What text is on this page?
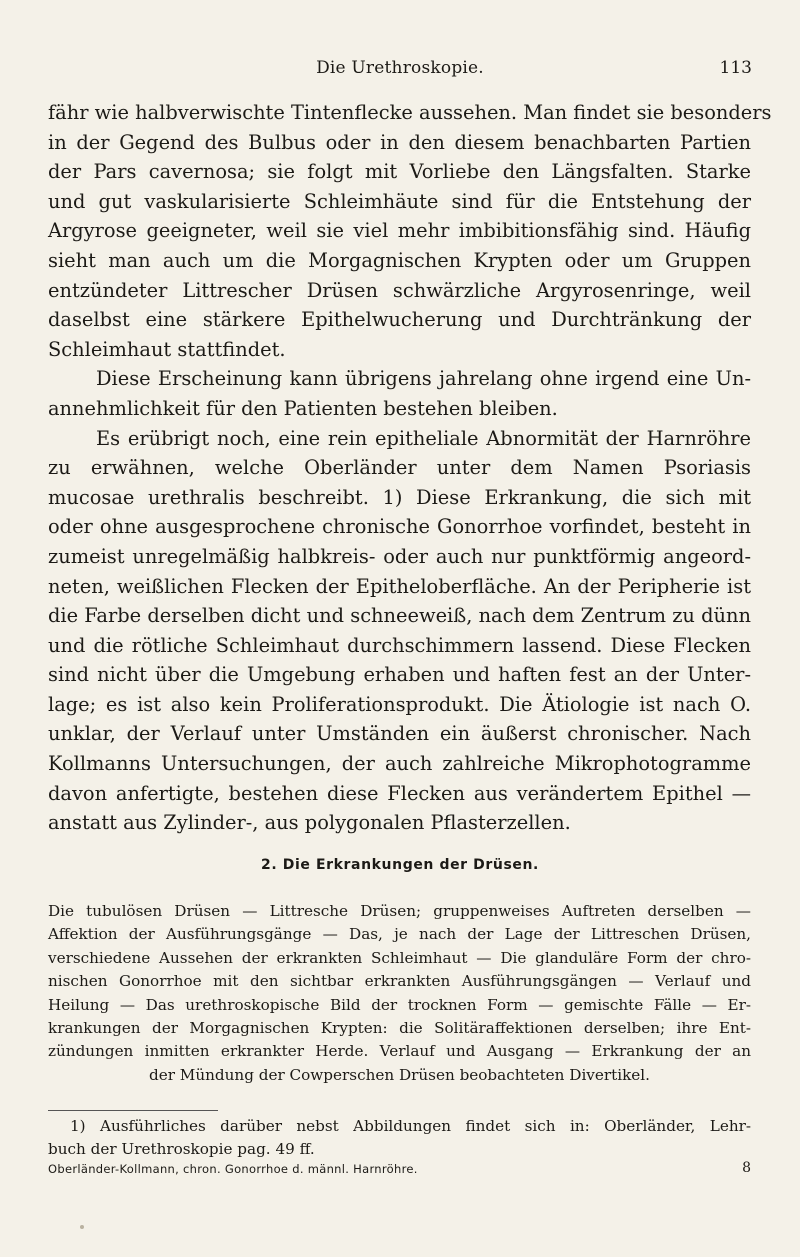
Die Urethroskopie.	113
fähr wie halbverwischte Tintenflecke aussehen. Man findet sie besonders
in der Gegend des Bulbus oder in den diesem benachbarten Partien
der Pars cavernosa; sie folgt mit Vorliebe den Längsfalten. Starke
und gut vaskularisierte Schleimhäute sind für die Entstehung der
Argyrose geeigneter, weil sie viel mehr imbibitionsfähig sind. Häufig
sieht man auch um die Morgagnischen Krypten oder um Gruppen
entzündeter Littrescher Drüsen schwärzliche Argyrosenringe, weil
daselbst eine stärkere Epithelwucherung und Durchtränkung der
Schleimhaut stattfindet.
Diese Erscheinung kann übrigens jahrelang ohne irgend eine Un-
annehmlichkeit für den Patienten bestehen bleiben.
Es erübrigt noch, eine rein epitheliale Abnormität der Harnröhre
zu erwähnen, welche Oberländer unter dem Namen Psoriasis
mucosae urethralis beschreibt. 1) Diese Erkrankung, die sich mit
oder ohne ausgesprochene chronische Gonorrhoe vorfindet, besteht in
zumeist unregelmäßig halbkreis- oder auch nur punktförmig angeord-
neten, weißlichen Flecken der Epitheloberfläche. An der Peripherie ist
die Farbe derselben dicht und schneeweiß, nach dem Zentrum zu dünn
und die rötliche Schleimhaut durchschimmern lassend. Diese Flecken
sind nicht über die Umgebung erhaben und haften fest an der Unter-
lage; es ist also kein Proliferationsprodukt. Die Ätiologie ist nach O.
unklar, der Verlauf unter Umständen ein äußerst chronischer. Nach
Kollmanns Untersuchungen, der auch zahlreiche Mikrophotogramme
davon anfertigte, bestehen diese Flecken aus verändertem Epithel —
anstatt aus Zylinder-, aus polygonalen Pflasterzellen.
2. Die Erkrankungen der Drüsen.
Die tubulösen Drüsen — Littresche Drüsen; gruppenweises Auftreten derselben —
Affektion der Ausführungsgänge — Das, je nach der Lage der Littreschen Drüsen,
verschiedene Aussehen der erkrankten Schleimhaut — Die glanduläre Form der chro-
nischen Gonorrhoe mit den sichtbar erkrankten Ausführungsgängen — Verlauf und
Heilung — Das urethroskopische Bild der trocknen Form — gemischte Fälle — Er-
krankungen der Morgagnischen Krypten: die Solitäraffektionen derselben; ihre Ent-
zündungen inmitten erkrankter Herde. Verlauf und Ausgang — Erkrankung der an
der Mündung der Cowperschen Drüsen beobachteten Divertikel.
1) Ausführliches darüber nebst Abbildungen findet sich in: Oberländer, Lehr-
buch der Urethroskopie pag. 49 ff.
Oberländer-Kollmann, chron. Gonorrhoe d. männl. Harnröhre.	8
